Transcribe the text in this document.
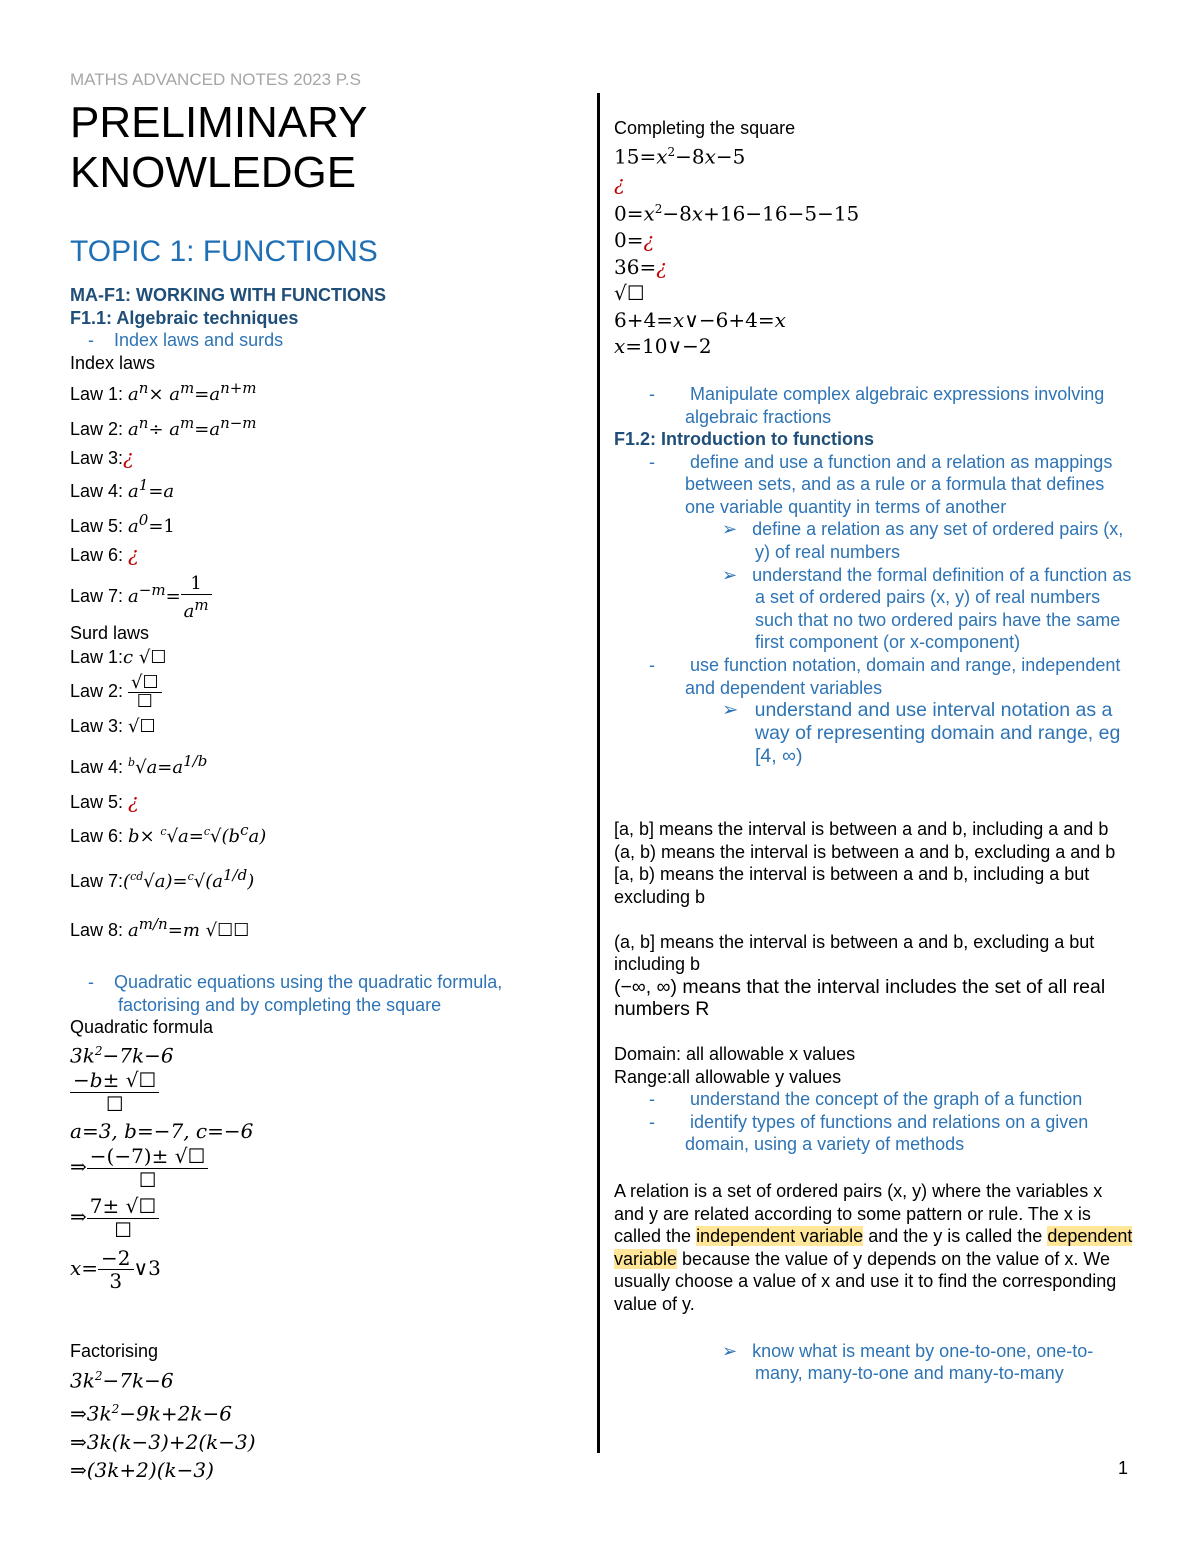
MATHS ADVANCED NOTES 2023 P.S
PRELIMINARY
KNOWLEDGE
TOPIC 1: FUNCTIONS
MA-F1: WORKING WITH FUNCTIONS
F1.1: Algebraic techniques
-    Index laws and surds
Index laws
Law 1: $a^n\times a^m=a^{n+m}$
Law 2: $a^n\div a^m=a^{n-m}$
Law 3:¿
Law 4: $a^1=a$
Law 5: $a^0=1$
Law 6: ¿
Law 7: $a^{-m}= \frac{1}{a^m}$
Surd laws
Law 1:c √☐
Law 2: $\frac{√☐}{☐}$
Law 3: √☐
Law 4: $^b√a=a^{1/b}$
Law 5: ¿
Law 6: $b\times ^c√a=^c√(b^ca)$
Law $7:(^{cd}√a)=^c√(a^{1/d})$
Law 8: $a^{m/n}=m$ √☐☐
-    Quadratic equations using the quadratic formula, factorising and by completing the square
Quadratic formula
$3k^2-7k-6$
$\frac{-b\pm √☐}{☐}$
a=3, b=−7, c=−6
⇒ $\frac{-(-7)\pm √☐}{☐}$
⇒ $\frac{7\pm √☐}{☐}$
$x= \frac{-2}{3}$ ∨3
Factorising
$3k^2-7k-6$
$\Rightarrow 3k^2-9k+2k-6$
⇒3k(k−3)+2(k−3)
⇒(3k+2)(k−3)
Completing the square
$15=x^2-8x-5$
¿
$0=x^2-8x+16-16-5-15$
0=¿
36=¿
√☐
6+4=x∨−6+4=x
x=10∨−2
-       Manipulate complex algebraic expressions involving algebraic fractions
F1.2: Introduction to functions
-       define and use a function and a relation as mappings between sets, and as a rule or a formula that defines one variable quantity in terms of another
➢   define a relation as any set of ordered pairs (x, y) of real numbers
➢   understand the formal definition of a function as a set of ordered pairs (x, y) of real numbers such that no two ordered pairs have the same first component (or x-component)
-       use function notation, domain and range, independent and dependent variables
➢   understand and use interval notation as a way of representing domain and range, eg [4, ∞)
[a, b] means the interval is between a and b, including a and b
(a, b) means the interval is between a and b, excluding a and b
[a, b) means the interval is between a and b, including a but excluding b
(a, b] means the interval is between a and b, excluding a but including b
(−∞, ∞) means that the interval includes the set of all real numbers R
Domain: all allowable x values
Range:all allowable y values
-       understand the concept of the graph of a function
-       identify types of functions and relations on a given domain, using a variety of methods
A relation is a set of ordered pairs (x, y) where the variables x and y are related according to some pattern or rule. The x is called the independent variable and the y is called the dependent variable because the value of y depends on the value of x. We usually choose a value of x and use it to find the corresponding value of y.
➢   know what is meant by one-to-one, one-to-many, many-to-one and many-to-many
1
